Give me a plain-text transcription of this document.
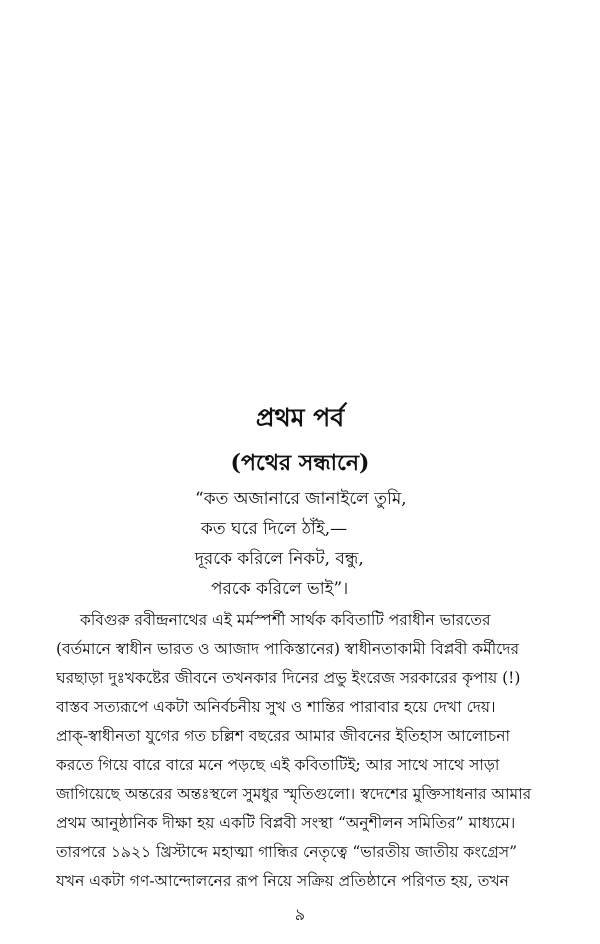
প্রথম পর্ব
(পথের সন্ধানে)
“কত অজানারে জানাইলে তুমি,
কত ঘরে দিলে ঠাঁই,—
দূরকে করিলে নিকট, বন্ধু,
পরকে করিলে ভাই”।
কবিগুরু রবীন্দ্রনাথের এই মর্মস্পর্শী সার্থক কবিতাটি পরাধীন ভারতের
(বর্তমানে স্বাধীন ভারত ও আজাদ পাকিস্তানের) স্বাধীনতাকামী বিপ্লবী কর্মীদের
ঘরছাড়া দুঃখকষ্টের জীবনে তখনকার দিনের প্রভু ইংরেজ সরকারের কৃপায় (!)
বাস্তব সত্যরূপে একটা অনির্বচনীয় সুখ ও শান্তির পারাবার হয়ে দেখা দেয়।
প্রাক্-স্বাধীনতা যুগের গত চল্লিশ বছরের আমার জীবনের ইতিহাস আলোচনা
করতে গিয়ে বারে বারে মনে পড়ছে এই কবিতাটিই; আর সাথে সাথে সাড়া
জাগিয়েছে অন্তরের অন্তঃস্থলে সুমধুর স্মৃতিগুলো। স্বদেশের মুক্তিসাধনার আমার
প্রথম আনুষ্ঠানিক দীক্ষা হয় একটি বিপ্লবী সংস্থা “অনুশীলন সমিতির” মাধ্যমে।
তারপরে ১৯২১ খ্রিস্টাব্দে মহাত্মা গান্ধির নেতৃত্বে “ভারতীয় জাতীয় কংগ্রেস”
যখন একটা গণ-আন্দোলনের রূপ নিয়ে সক্রিয় প্রতিষ্ঠানে পরিণত হয়, তখন
৯
